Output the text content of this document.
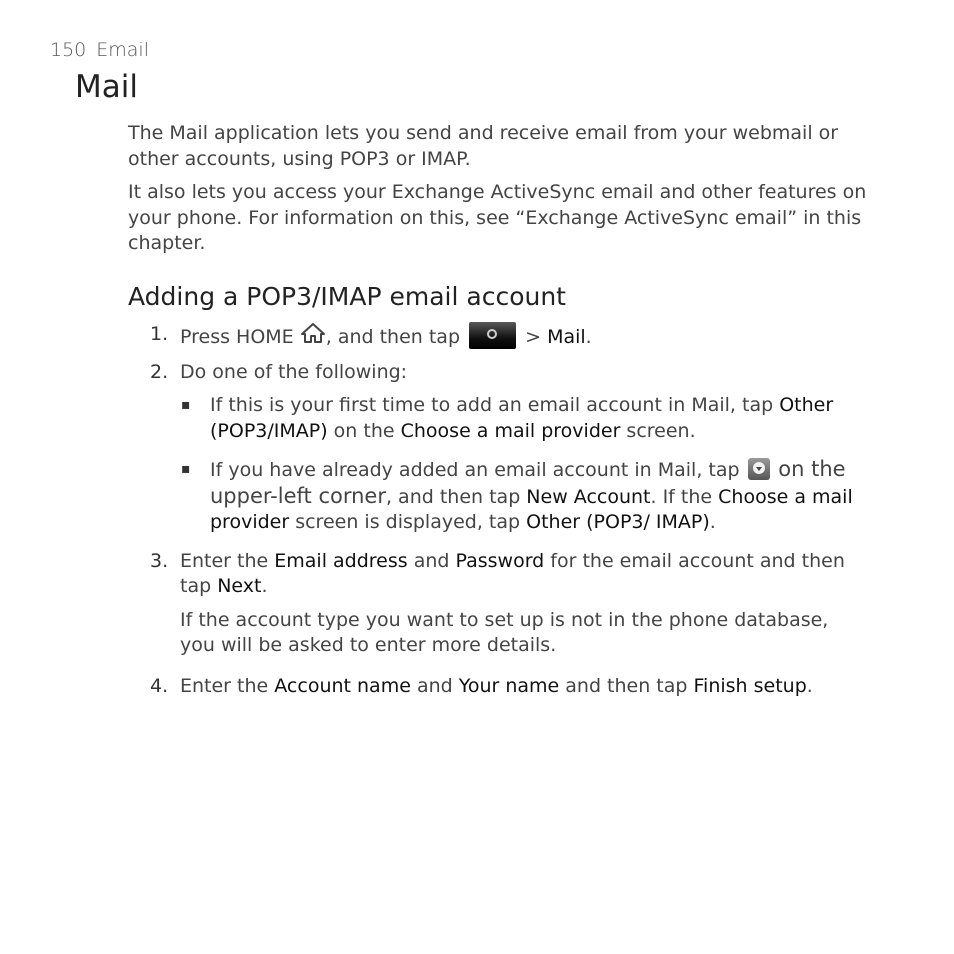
150 Email
Mail

The Mail application lets you send and receive email from your webmail or other accounts, using POP3 or IMAP.

It also lets you access your Exchange ActiveSync email and other features on your phone. For information on this, see “Exchange ActiveSync email” in this chapter.

Adding a POP3/IMAP email account
1. Press HOME , and then tap	> Mail.
2. Do one of the following:
▪ If this is your first time to add an email account in Mail, tap Other (POP3/IMAP) on the Choose a mail provider screen.
▪ If you have already added an email account in Mail, tap  on the upper-left corner, and then tap New Account. If the Choose a mail provider screen is displayed, tap Other (POP3/ IMAP).
3. Enter the Email address and Password for the email account and then tap Next.
If the account type you want to set up is not in the phone database, you will be asked to enter more details.
4. Enter the Account name and Your name and then tap Finish setup.
